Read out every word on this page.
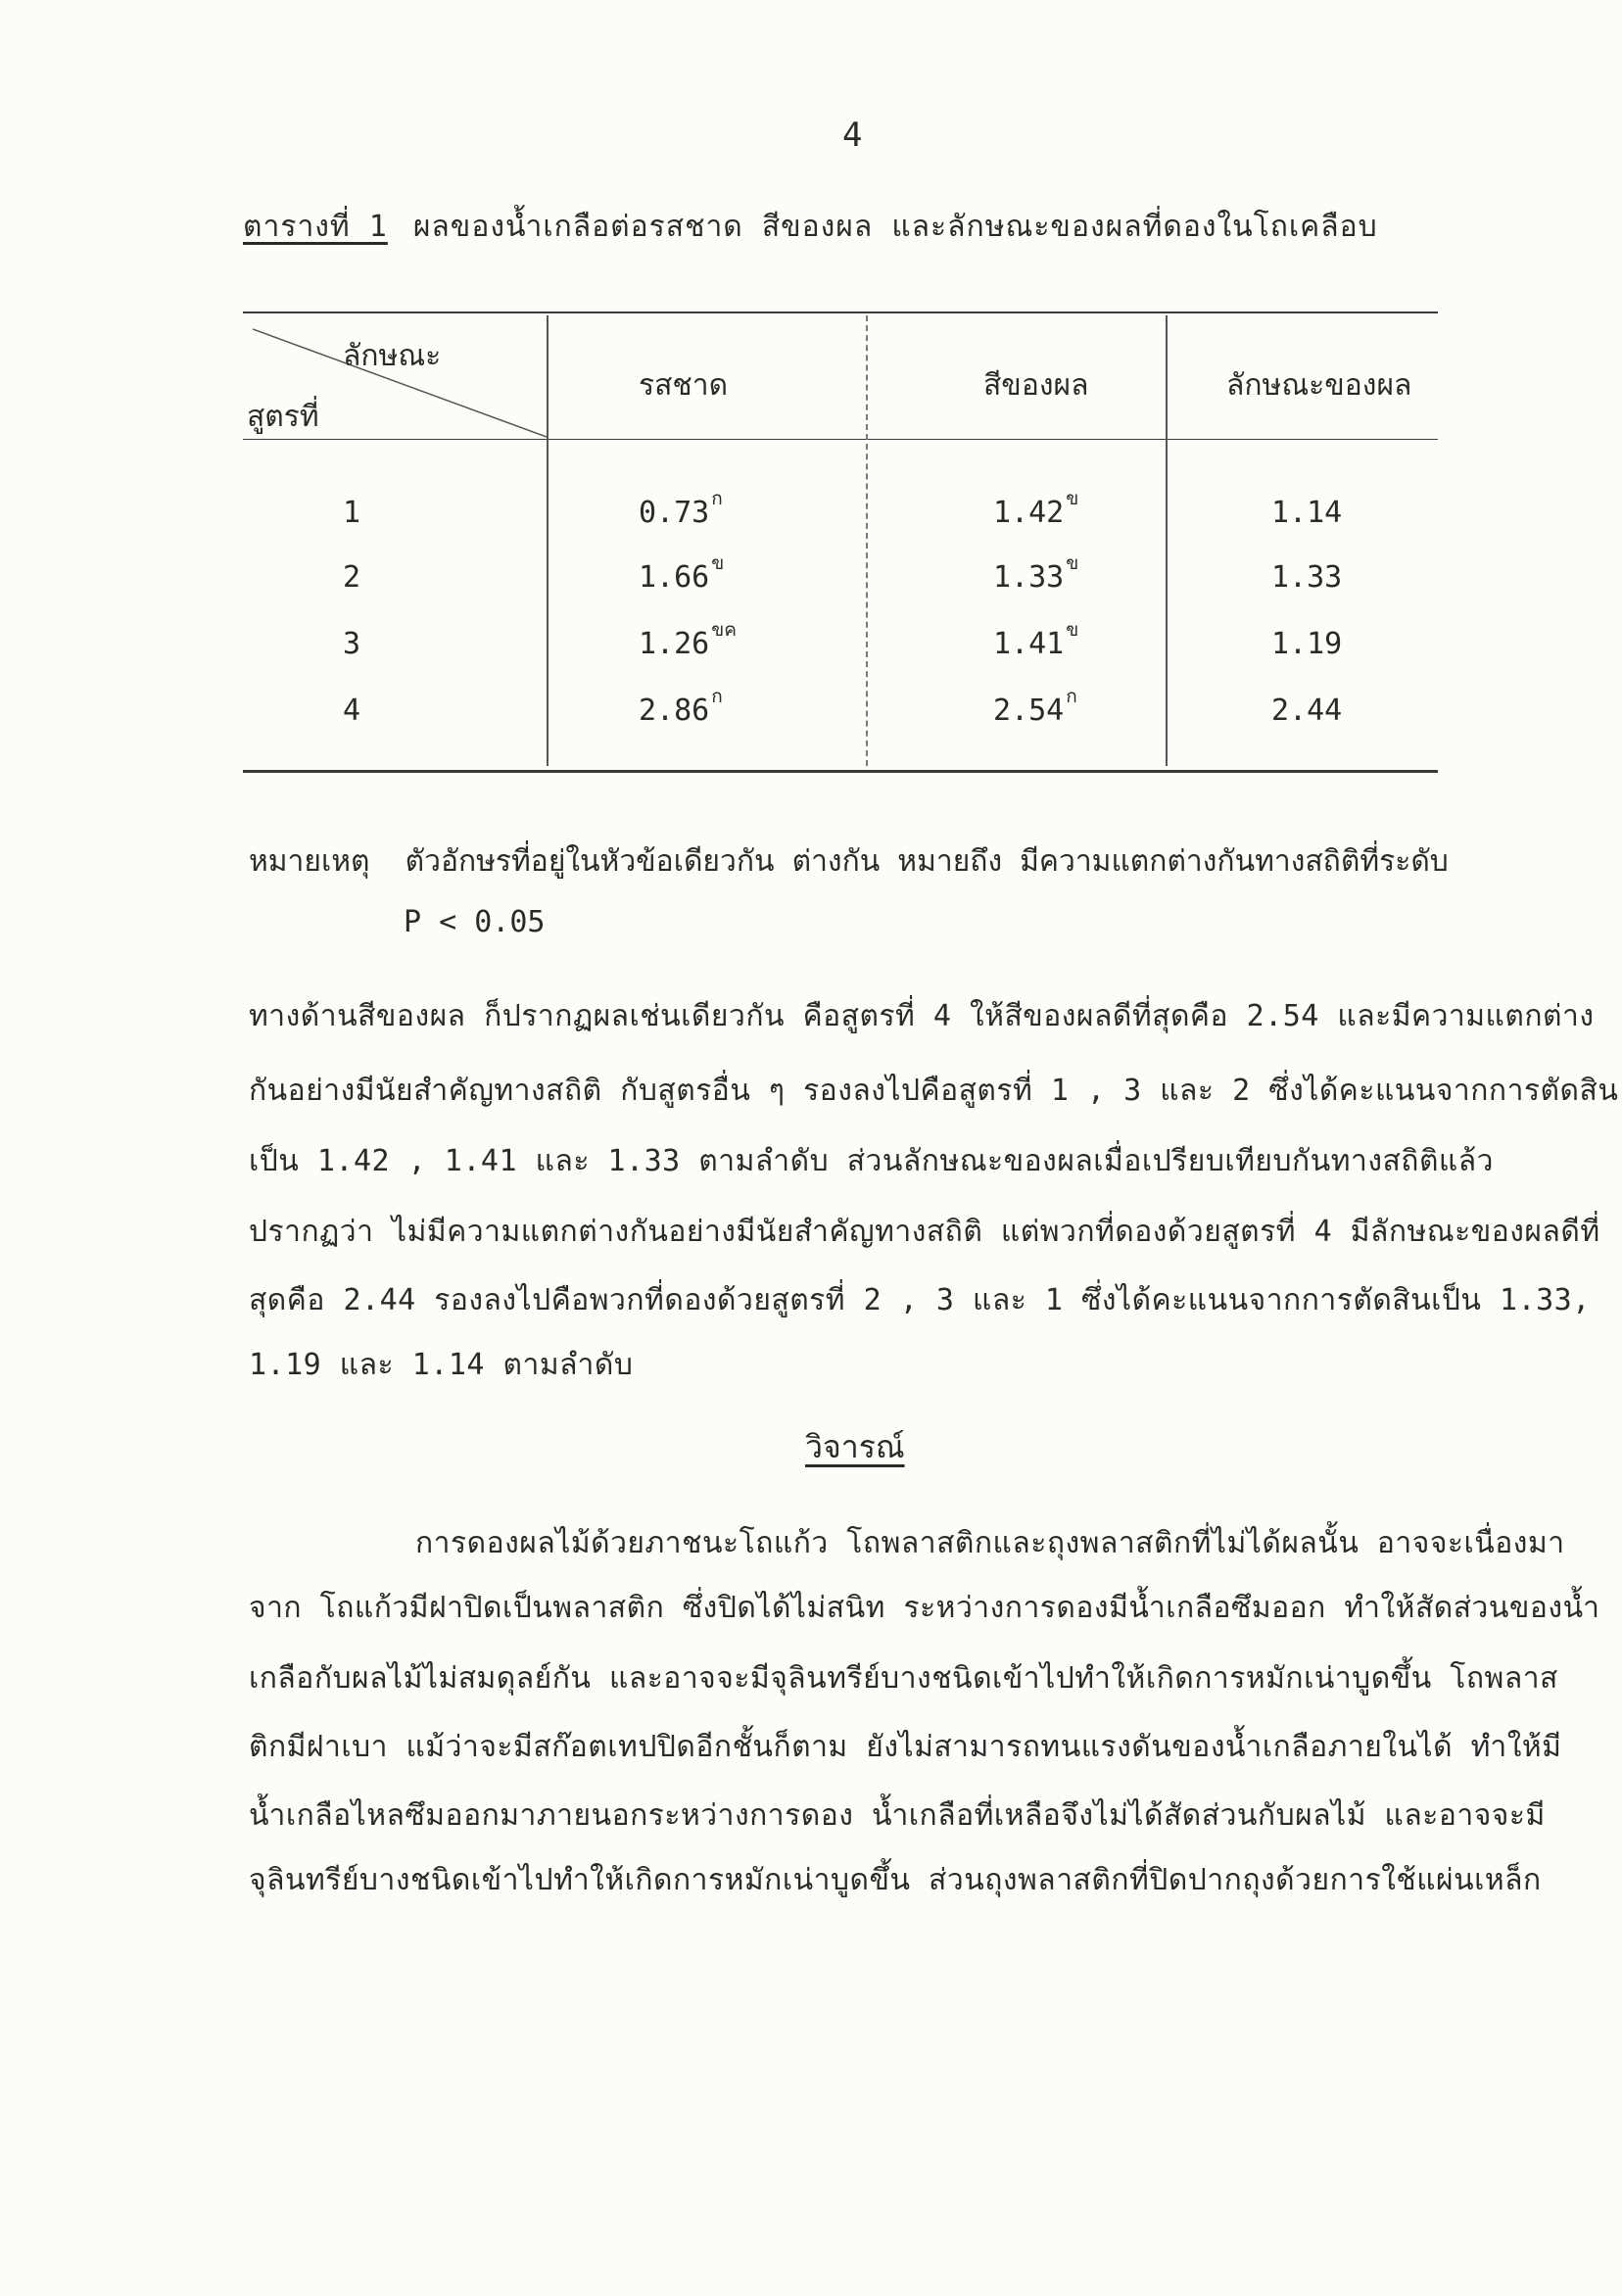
4
ตารางที่ 1 ผลของน้ำเกลือต่อรสชาด สีของผล และลักษณะของผลที่ดองในโถเคลือบ
ลักษณะ
สูตรที่
รสชาด	สีของผล	ลักษณะของผล
1	0.73 $^ก$	1.42 $^ข$	1.14
2	1.66 $^ข$	1.33 $^ข$	1.33
3	1.26 $^{ขค}$	1.41 $^ข$	1.19
4	2.86 $^ก$	2.54 $^ก$	2.44
หมายเหตุ ตัวอักษรที่อยู่ในหัวข้อเดียวกัน ต่างกัน หมายถึง มีความแตกต่างกันทางสถิติที่ระดับ
P < 0.05
ทางด้านสีของผล ก็ปรากฏผลเช่นเดียวกัน คือสูตรที่ 4 ให้สีของผลดีที่สุดคือ 2.54 และมีความแตกต่าง
กันอย่างมีนัยสำคัญทางสถิติ กับสูตรอื่น ๆ รองลงไปคือสูตรที่ 1 , 3 และ 2 ซึ่งได้คะแนนจากการตัดสิน
เป็น 1.42 , 1.41 และ 1.33 ตามลำดับ ส่วนลักษณะของผลเมื่อเปรียบเทียบกันทางสถิติแล้ว
ปรากฏว่า ไม่มีความแตกต่างกันอย่างมีนัยสำคัญทางสถิติ แต่พวกที่ดองด้วยสูตรที่ 4 มีลักษณะของผลดีที่
สุดคือ 2.44 รองลงไปคือพวกที่ดองด้วยสูตรที่ 2 , 3 และ 1 ซึ่งได้คะแนนจากการตัดสินเป็น 1.33,
1.19 และ 1.14 ตามลำดับ
วิจารณ์
การดองผลไม้ด้วยภาชนะโถแก้ว โถพลาสติกและถุงพลาสติกที่ไม่ได้ผลนั้น อาจจะเนื่องมา
จาก โถแก้วมีฝาปิดเป็นพลาสติก ซึ่งปิดได้ไม่สนิท ระหว่างการดองมีน้ำเกลือซึมออก ทำให้สัดส่วนของน้ำ
เกลือกับผลไม้ไม่สมดุลย์กัน และอาจจะมีจุลินทรีย์บางชนิดเข้าไปทำให้เกิดการหมักเน่าบูดขึ้น โถพลาส
ติกมีฝาเบา แม้ว่าจะมีสก๊อตเทปปิดอีกชั้นก็ตาม ยังไม่สามารถทนแรงดันของน้ำเกลือภายในได้ ทำให้มี
น้ำเกลือไหลซึมออกมาภายนอกระหว่างการดอง น้ำเกลือที่เหลือจึงไม่ได้สัดส่วนกับผลไม้ และอาจจะมี
จุลินทรีย์บางชนิดเข้าไปทำให้เกิดการหมักเน่าบูดขึ้น ส่วนถุงพลาสติกที่ปิดปากถุงด้วยการใช้แผ่นเหล็ก
